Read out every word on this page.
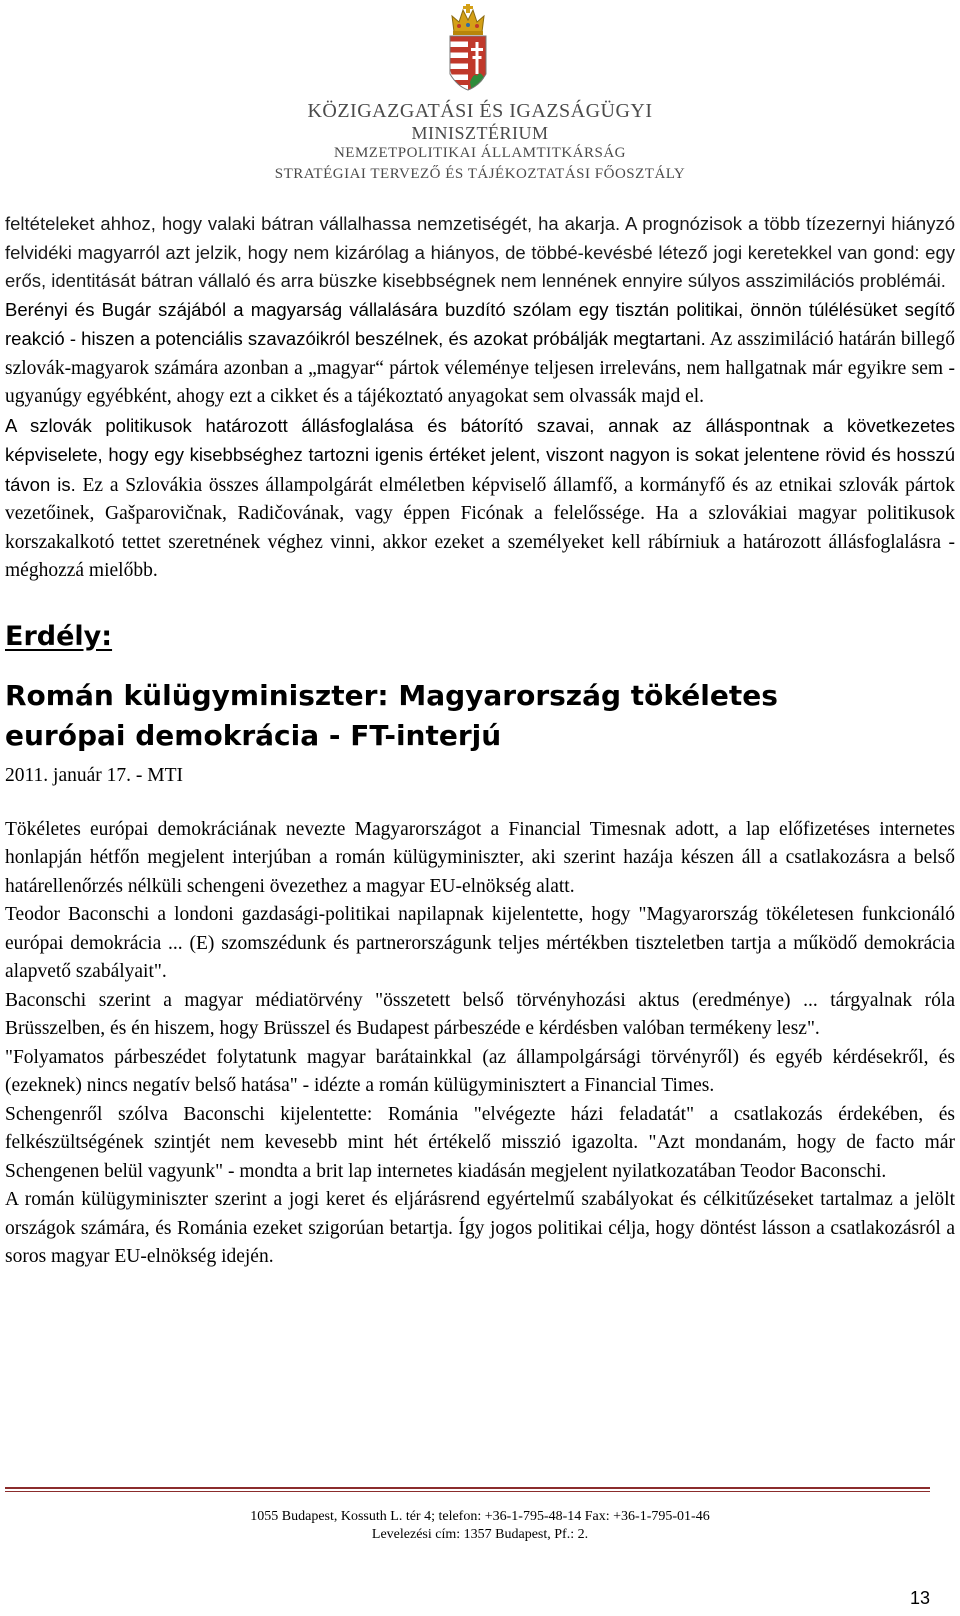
KÖZIGAZGATÁSI ÉS IGAZSÁGÜGYI
MINISZTÉRIUM
NEMZETPOLITIKAI ÁLLAMTITKÁRSÁG
STRATÉGIAI TERVEZŐ ÉS TÁJÉKOZTATÁSI FŐOSZTÁLY

feltételeket ahhoz, hogy valaki bátran vállalhassa nemzetiségét, ha akarja. A prognózisok a több tízezernyi hiányzó felvidéki magyarról azt jelzik, hogy nem kizárólag a hiányos, de többé-kevésbé létező jogi keretekkel van gond: egy erős, identitását bátran vállaló és arra büszke kisebbségnek nem lennének ennyire súlyos asszimilációs problémái.

Berényi és Bugár szájából a magyarság vállalására buzdító szólam egy tisztán politikai, önnön túlélésüket segítő reakció - hiszen a potenciális szavazóikról beszélnek, és azokat próbálják megtartani. Az asszimiláció határán billegő szlovák-magyarok számára azonban a „magyar“ pártok véleménye teljesen irreleváns, nem hallgatnak már egyikre sem - ugyanúgy egyébként, ahogy ezt a cikket és a tájékoztató anyagokat sem olvassák majd el.

A szlovák politikusok határozott állásfoglalása és bátorító szavai, annak az álláspontnak a következetes képviselete, hogy egy kisebbséghez tartozni igenis értéket jelent, viszont nagyon is sokat jelentene rövid és hosszú távon is. Ez a Szlovákia összes állampolgárát elméletben képviselő államfő, a kormányfő és az etnikai szlovák pártok vezetőinek, Gašparovičnak, Radičovának, vagy éppen Ficónak a felelőssége. Ha a szlovákiai magyar politikusok korszakalkotó tettet szeretnének véghez vinni, akkor ezeket a személyeket kell rábírniuk a határozott állásfoglalásra - méghozzá mielőbb.

Erdély:
Román külügyminiszter: Magyarország tökéletes európai demokrácia - FT-interjú
2011. január 17. - MTI

Tökéletes európai demokráciának nevezte Magyarországot a Financial Timesnak adott, a lap előfizetéses internetes honlapján hétfőn megjelent interjúban a román külügyminiszter, aki szerint hazája készen áll a csatlakozásra a belső határellenőrzés nélküli schengeni övezethez a magyar EU-elnökség alatt.

Teodor Baconschi a londoni gazdasági-politikai napilapnak kijelentette, hogy "Magyarország tökéletesen funkcionáló európai demokrácia ... (E) szomszédunk és partnerországunk teljes mértékben tiszteletben tartja a működő demokrácia alapvető szabályait".

Baconschi szerint a magyar médiatörvény "összetett belső törvényhozási aktus (eredménye) ... tárgyalnak róla Brüsszelben, és én hiszem, hogy Brüsszel és Budapest párbeszéde e kérdésben valóban termékeny lesz".

"Folyamatos párbeszédet folytatunk magyar barátainkkal (az állampolgársági törvényről) és egyéb kérdésekről, és (ezeknek) nincs negatív belső hatása" - idézte a román külügyminisztert a Financial Times.

Schengenről szólva Baconschi kijelentette: Románia "elvégezte házi feladatát" a csatlakozás érdekében, és felkészültségének szintjét nem kevesebb mint hét értékelő misszió igazolta. "Azt mondanám, hogy de facto már Schengenen belül vagyunk" - mondta a brit lap internetes kiadásán megjelent nyilatkozatában Teodor Baconschi.

A román külügyminiszter szerint a jogi keret és eljárásrend egyértelmű szabályokat és célkitűzéseket tartalmaz a jelölt országok számára, és Románia ezeket szigorúan betartja. Így jogos politikai célja, hogy döntést lásson a csatlakozásról a soros magyar EU-elnökség idején.

1055 Budapest, Kossuth L. tér 4; telefon: +36-1-795-48-14 Fax: +36-1-795-01-46
Levelezési cím: 1357 Budapest, Pf.: 2.
13
